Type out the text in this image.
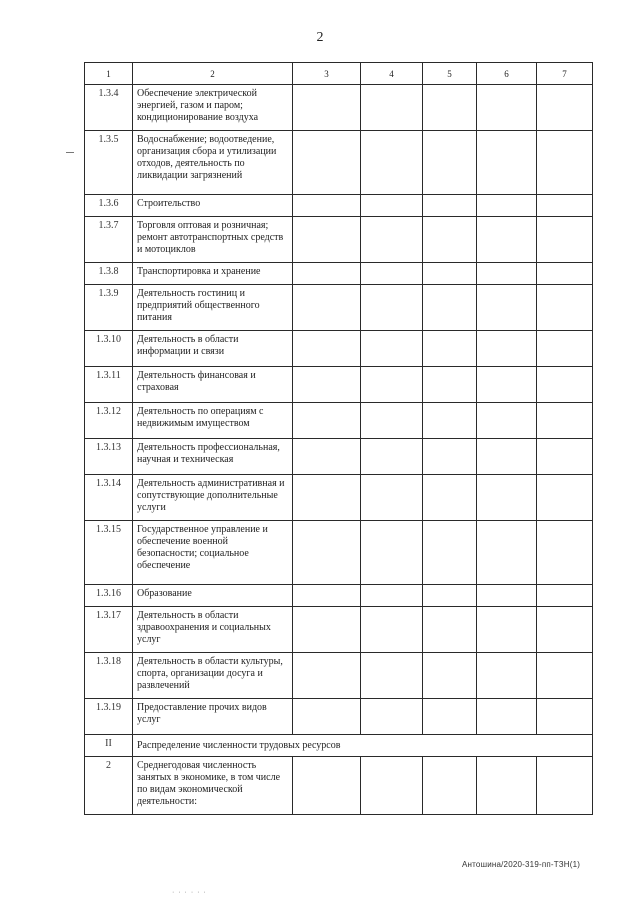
2
1	2	3	4	5	6	7
1.3.4	Обеспечение электрической энергией, газом и паром; кондиционирование воздуха					
1.3.5	Водоснабжение; водоотведение, организация сбора и утилизации отходов, деятельность по ликвидации загрязнений					
1.3.6	Строительство					
1.3.7	Торговля оптовая и розничная; ремонт автотранспортных средств и мотоциклов					
1.3.8	Транспортировка и хранение					
1.3.9	Деятельность гостиниц и предприятий общественного питания					
1.3.10	Деятельность в области информации и связи					
1.3.11	Деятельность финансовая и страховая					
1.3.12	Деятельность по операциям с недвижимым имуществом					
1.3.13	Деятельность профессиональная, научная и техническая					
1.3.14	Деятельность административная и сопутствующие дополнительные услуги					
1.3.15	Государственное управление и обеспечение военной безопасности; социальное обеспечение					
1.3.16	Образование					
1.3.17	Деятельность в области здравоохранения и социальных услуг					
1.3.18	Деятельность в области культуры, спорта, организации досуга и развлечений					
1.3.19	Предоставление прочих видов услуг					
II	Распределение численности трудовых ресурсов					
2	Среднегодовая численность занятых в экономике, в том числе по видам экономической деятельности:					
Антошина/2020-319-пп-ТЗН(1)
· · · · · ·
